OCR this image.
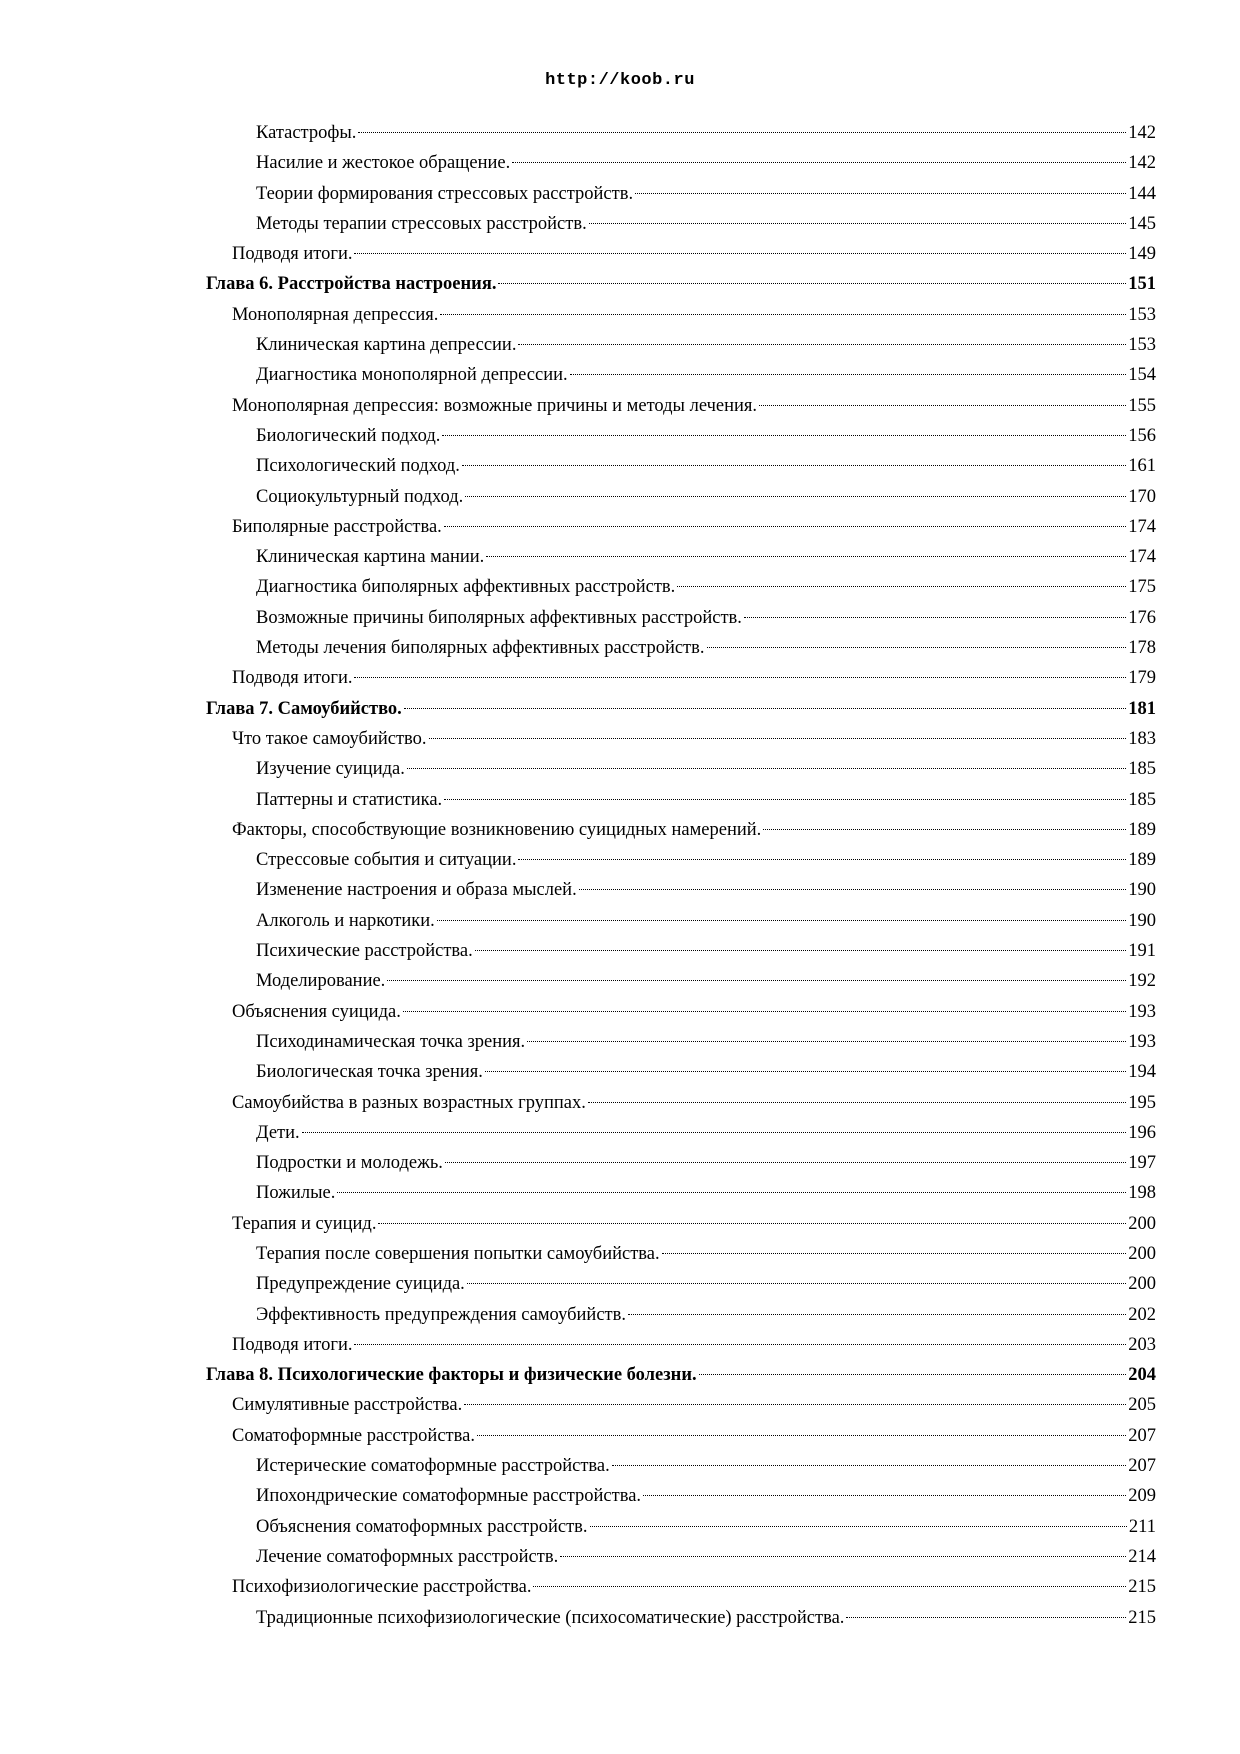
http://koob.ru
Катастрофы.	142
Насилие и жестокое обращение.	142
Теории формирования стрессовых расстройств.	144
Методы терапии стрессовых расстройств.	145
Подводя итоги.	149
Глава 6. Расстройства настроения.	151
Монополярная депрессия.	153
Клиническая картина депрессии.	153
Диагностика монополярной депрессии.	154
Монополярная депрессия: возможные причины и методы лечения.	155
Биологический подход.	156
Психологический подход.	161
Социокультурный подход.	170
Биполярные расстройства.	174
Клиническая картина мании.	174
Диагностика биполярных аффективных расстройств.	175
Возможные причины биполярных аффективных расстройств.	176
Методы лечения биполярных аффективных расстройств.	178
Подводя итоги.	179
Глава 7. Самоубийство.	181
Что такое самоубийство.	183
Изучение суицида.	185
Паттерны и статистика.	185
Факторы, способствующие возникновению суицидных намерений.	189
Стрессовые события и ситуации.	189
Изменение настроения и образа мыслей.	190
Алкоголь и наркотики.	190
Психические расстройства.	191
Моделирование.	192
Объяснения суицида.	193
Психодинамическая точка зрения.	193
Биологическая точка зрения.	194
Самоубийства в разных возрастных группах.	195
Дети.	196
Подростки и молодежь.	197
Пожилые.	198
Терапия и суицид.	200
Терапия после совершения попытки самоубийства.	200
Предупреждение суицида.	200
Эффективность предупреждения самоубийств.	202
Подводя итоги.	203
Глава 8. Психологические факторы и физические болезни.	204
Симулятивные расстройства.	205
Соматоформные расстройства.	207
Истерические соматоформные расстройства.	207
Ипохондрические соматоформные расстройства.	209
Объяснения соматоформных расстройств.	211
Лечение соматоформных расстройств.	214
Психофизиологические расстройства.	215
Традиционные психофизиологические (психосоматические) расстройства.	215
